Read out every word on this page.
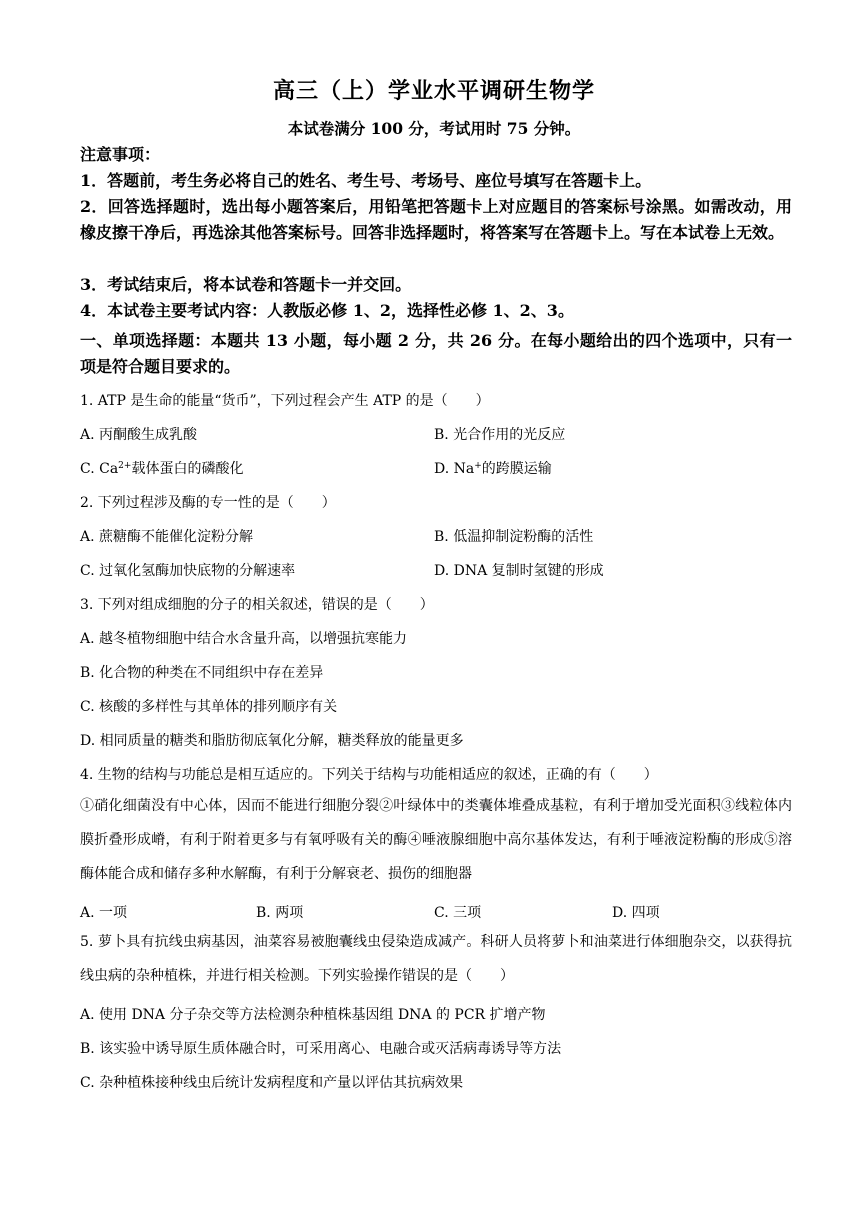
高三（上）学业水平调研生物学
本试卷满分 100 分，考试用时 75 分钟。
注意事项：
1．答题前，考生务必将自己的姓名、考生号、考场号、座位号填写在答题卡上。
2．回答选择题时，选出每小题答案后，用铅笔把答题卡上对应题目的答案标号涂黑。如需改动，用橡皮擦干净后，再选涂其他答案标号。回答非选择题时，将答案写在答题卡上。写在本试卷上无效。
3．考试结束后，将本试卷和答题卡一并交回。
4．本试卷主要考试内容：人教版必修 1、2，选择性必修 1、2、3。
一、单项选择题：本题共 13 小题，每小题 2 分，共 26 分。在每小题给出的四个选项中，只有一项是符合题目要求的。
1. ATP 是生命的能量“货币”，下列过程会产生 ATP 的是（　　）
A. 丙酮酸生成乳酸	B. 光合作用的光反应
C. $Ca^{2+}$载体蛋白的磷酸化	D. Na+的跨膜运输
2. 下列过程涉及酶的专一性的是（　　）
A. 蔗糖酶不能催化淀粉分解	B. 低温抑制淀粉酶的活性
C. 过氧化氢酶加快底物的分解速率	D. DNA 复制时氢键的形成
3. 下列对组成细胞的分子的相关叙述，错误的是（　　）
A. 越冬植物细胞中结合水含量升高，以增强抗寒能力
B. 化合物的种类在不同组织中存在差异
C. 核酸的多样性与其单体的排列顺序有关
D. 相同质量的糖类和脂肪彻底氧化分解，糖类释放的能量更多
4. 生物的结构与功能总是相互适应的。下列关于结构与功能相适应的叙述，正确的有（　　）
①硝化细菌没有中心体，因而不能进行细胞分裂②叶绿体中的类囊体堆叠成基粒，有利于增加受光面积③线粒体内膜折叠形成嵴，有利于附着更多与有氧呼吸有关的酶④唾液腺细胞中高尔基体发达，有利于唾液淀粉酶的形成⑤溶酶体能合成和储存多种水解酶，有利于分解衰老、损伤的细胞器
A. 一项	B. 两项	C. 三项	D. 四项
5. 萝卜具有抗线虫病基因，油菜容易被胞囊线虫侵染造成减产。科研人员将萝卜和油菜进行体细胞杂交，以获得抗线虫病的杂种植株，并进行相关检测。下列实验操作错误的是（　　）
A. 使用 DNA 分子杂交等方法检测杂种植株基因组 DNA 的 PCR 扩增产物
B. 该实验中诱导原生质体融合时，可采用离心、电融合或灭活病毒诱导等方法
C. 杂种植株接种线虫后统计发病程度和产量以评估其抗病效果
